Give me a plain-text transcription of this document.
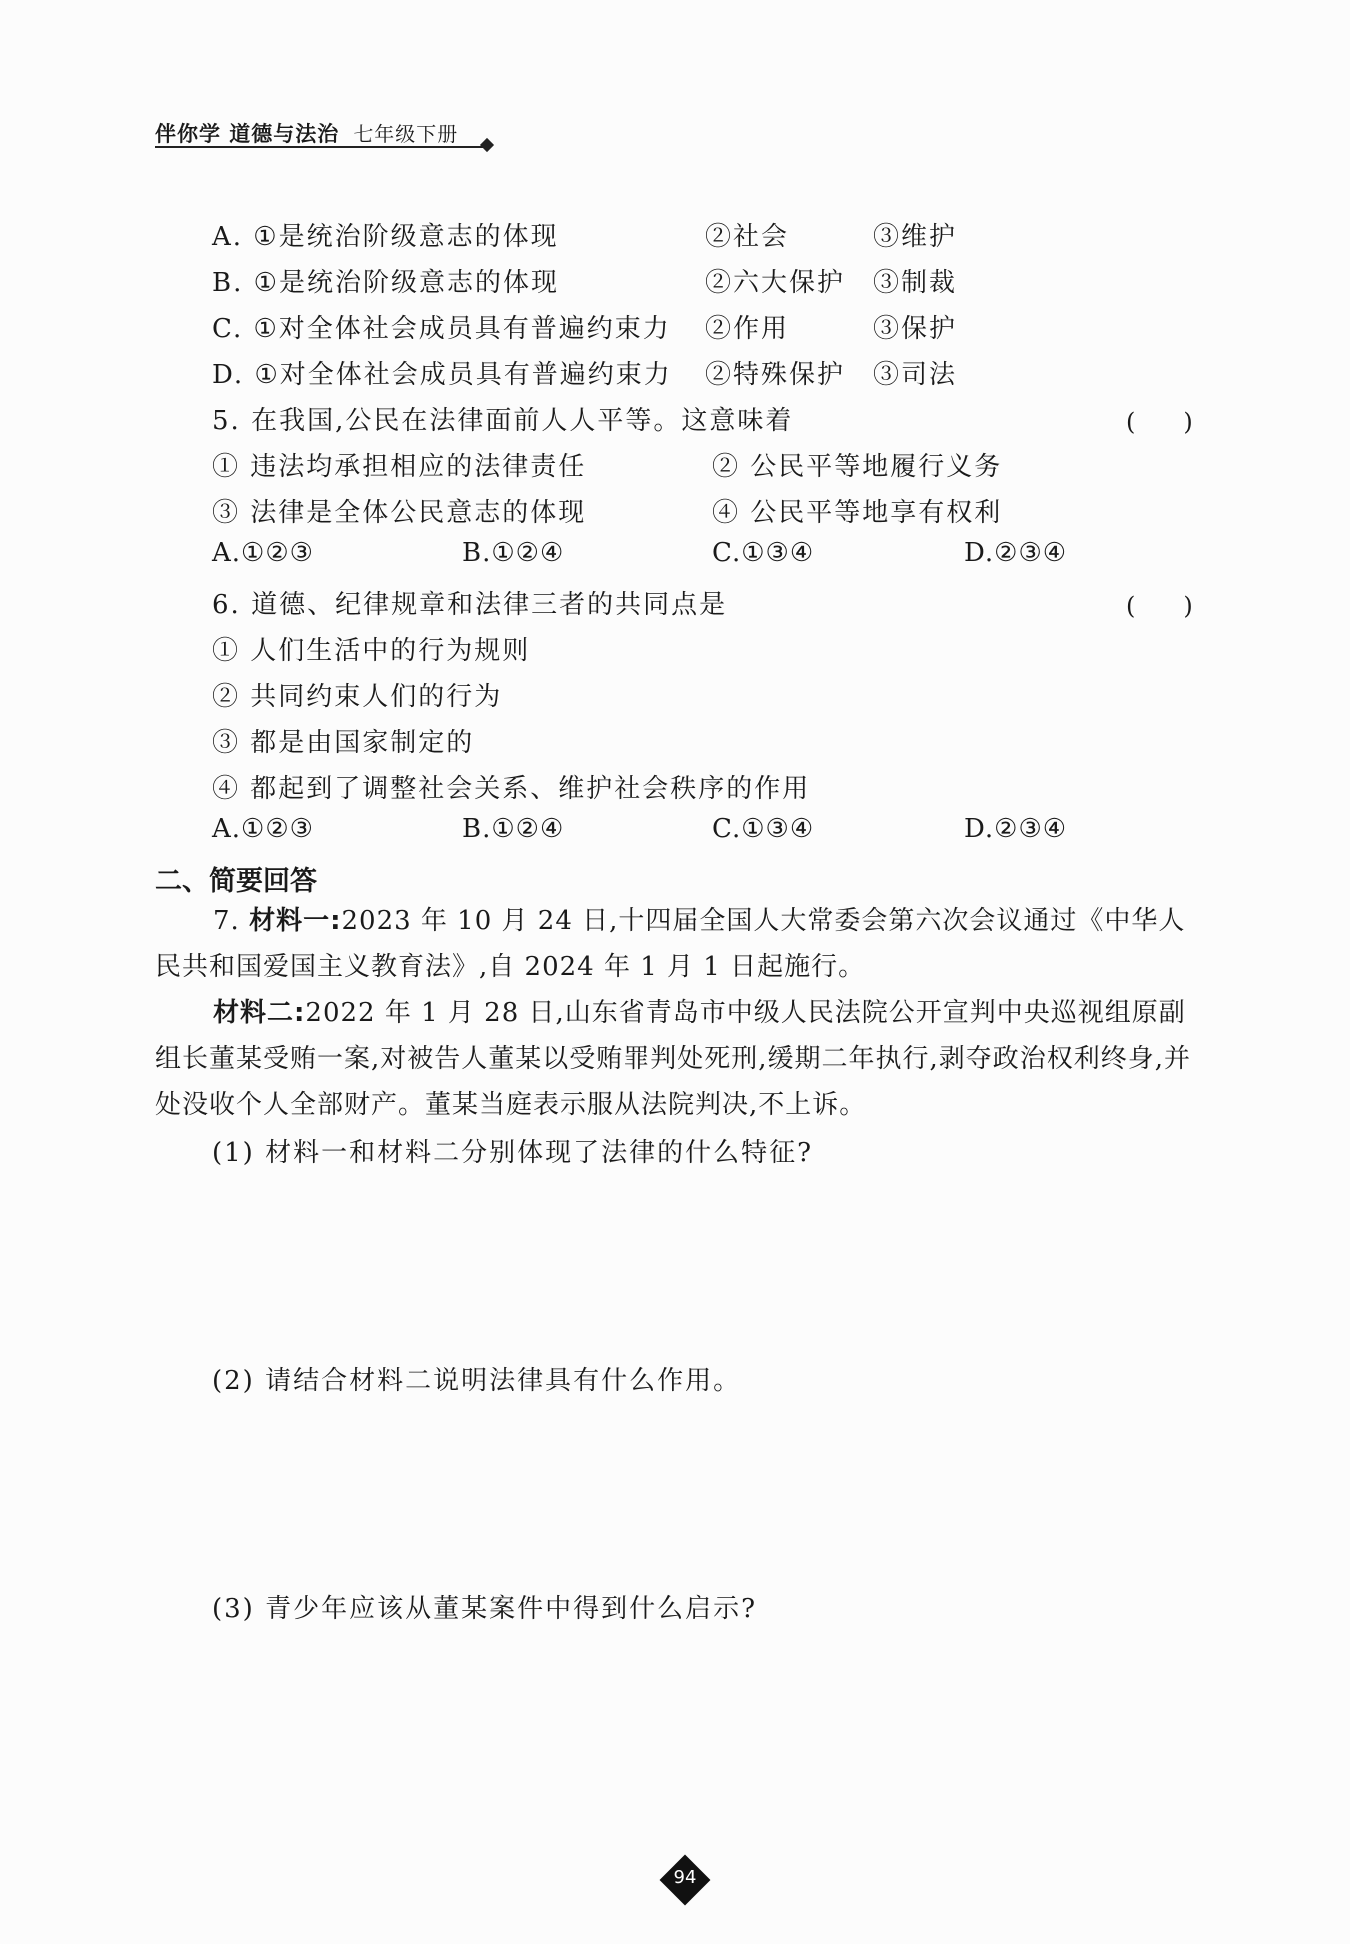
伴你学 道德与法治 七年级下册
A. ①是统治阶级意志的体现	②社会	③维护
B. ①是统治阶级意志的体现	②六大保护 ③制裁
C. ①对全体社会成员具有普遍约束力 ②作用	③保护
D. ①对全体社会成员具有普遍约束力 ②特殊保护 ③司法
5. 在我国,公民在法律面前人人平等。这意味着	(　　)
① 违法均承担相应的法律责任	② 公民平等地履行义务
③ 法律是全体公民意志的体现	④ 公民平等地享有权利
A.①②③	B.①②④	C.①③④	D.②③④
6. 道德、纪律规章和法律三者的共同点是	(　　)
① 人们生活中的行为规则
② 共同约束人们的行为
③ 都是由国家制定的
④ 都起到了调整社会关系、维护社会秩序的作用
A.①②③	B.①②④	C.①③④	D.②③④
二、简要回答
7. 材料一:2023 年 10 月 24 日,十四届全国人大常委会第六次会议通过《中华人民共和国爱国主义教育法》,自 2024 年 1 月 1 日起施行。
材料二:2022 年 1 月 28 日,山东省青岛市中级人民法院公开宣判中央巡视组原副组长董某受贿一案,对被告人董某以受贿罪判处死刑,缓期二年执行,剥夺政治权利终身,并处没收个人全部财产。董某当庭表示服从法院判决,不上诉。
(1) 材料一和材料二分别体现了法律的什么特征?
(2) 请结合材料二说明法律具有什么作用。
(3) 青少年应该从董某案件中得到什么启示?
94
